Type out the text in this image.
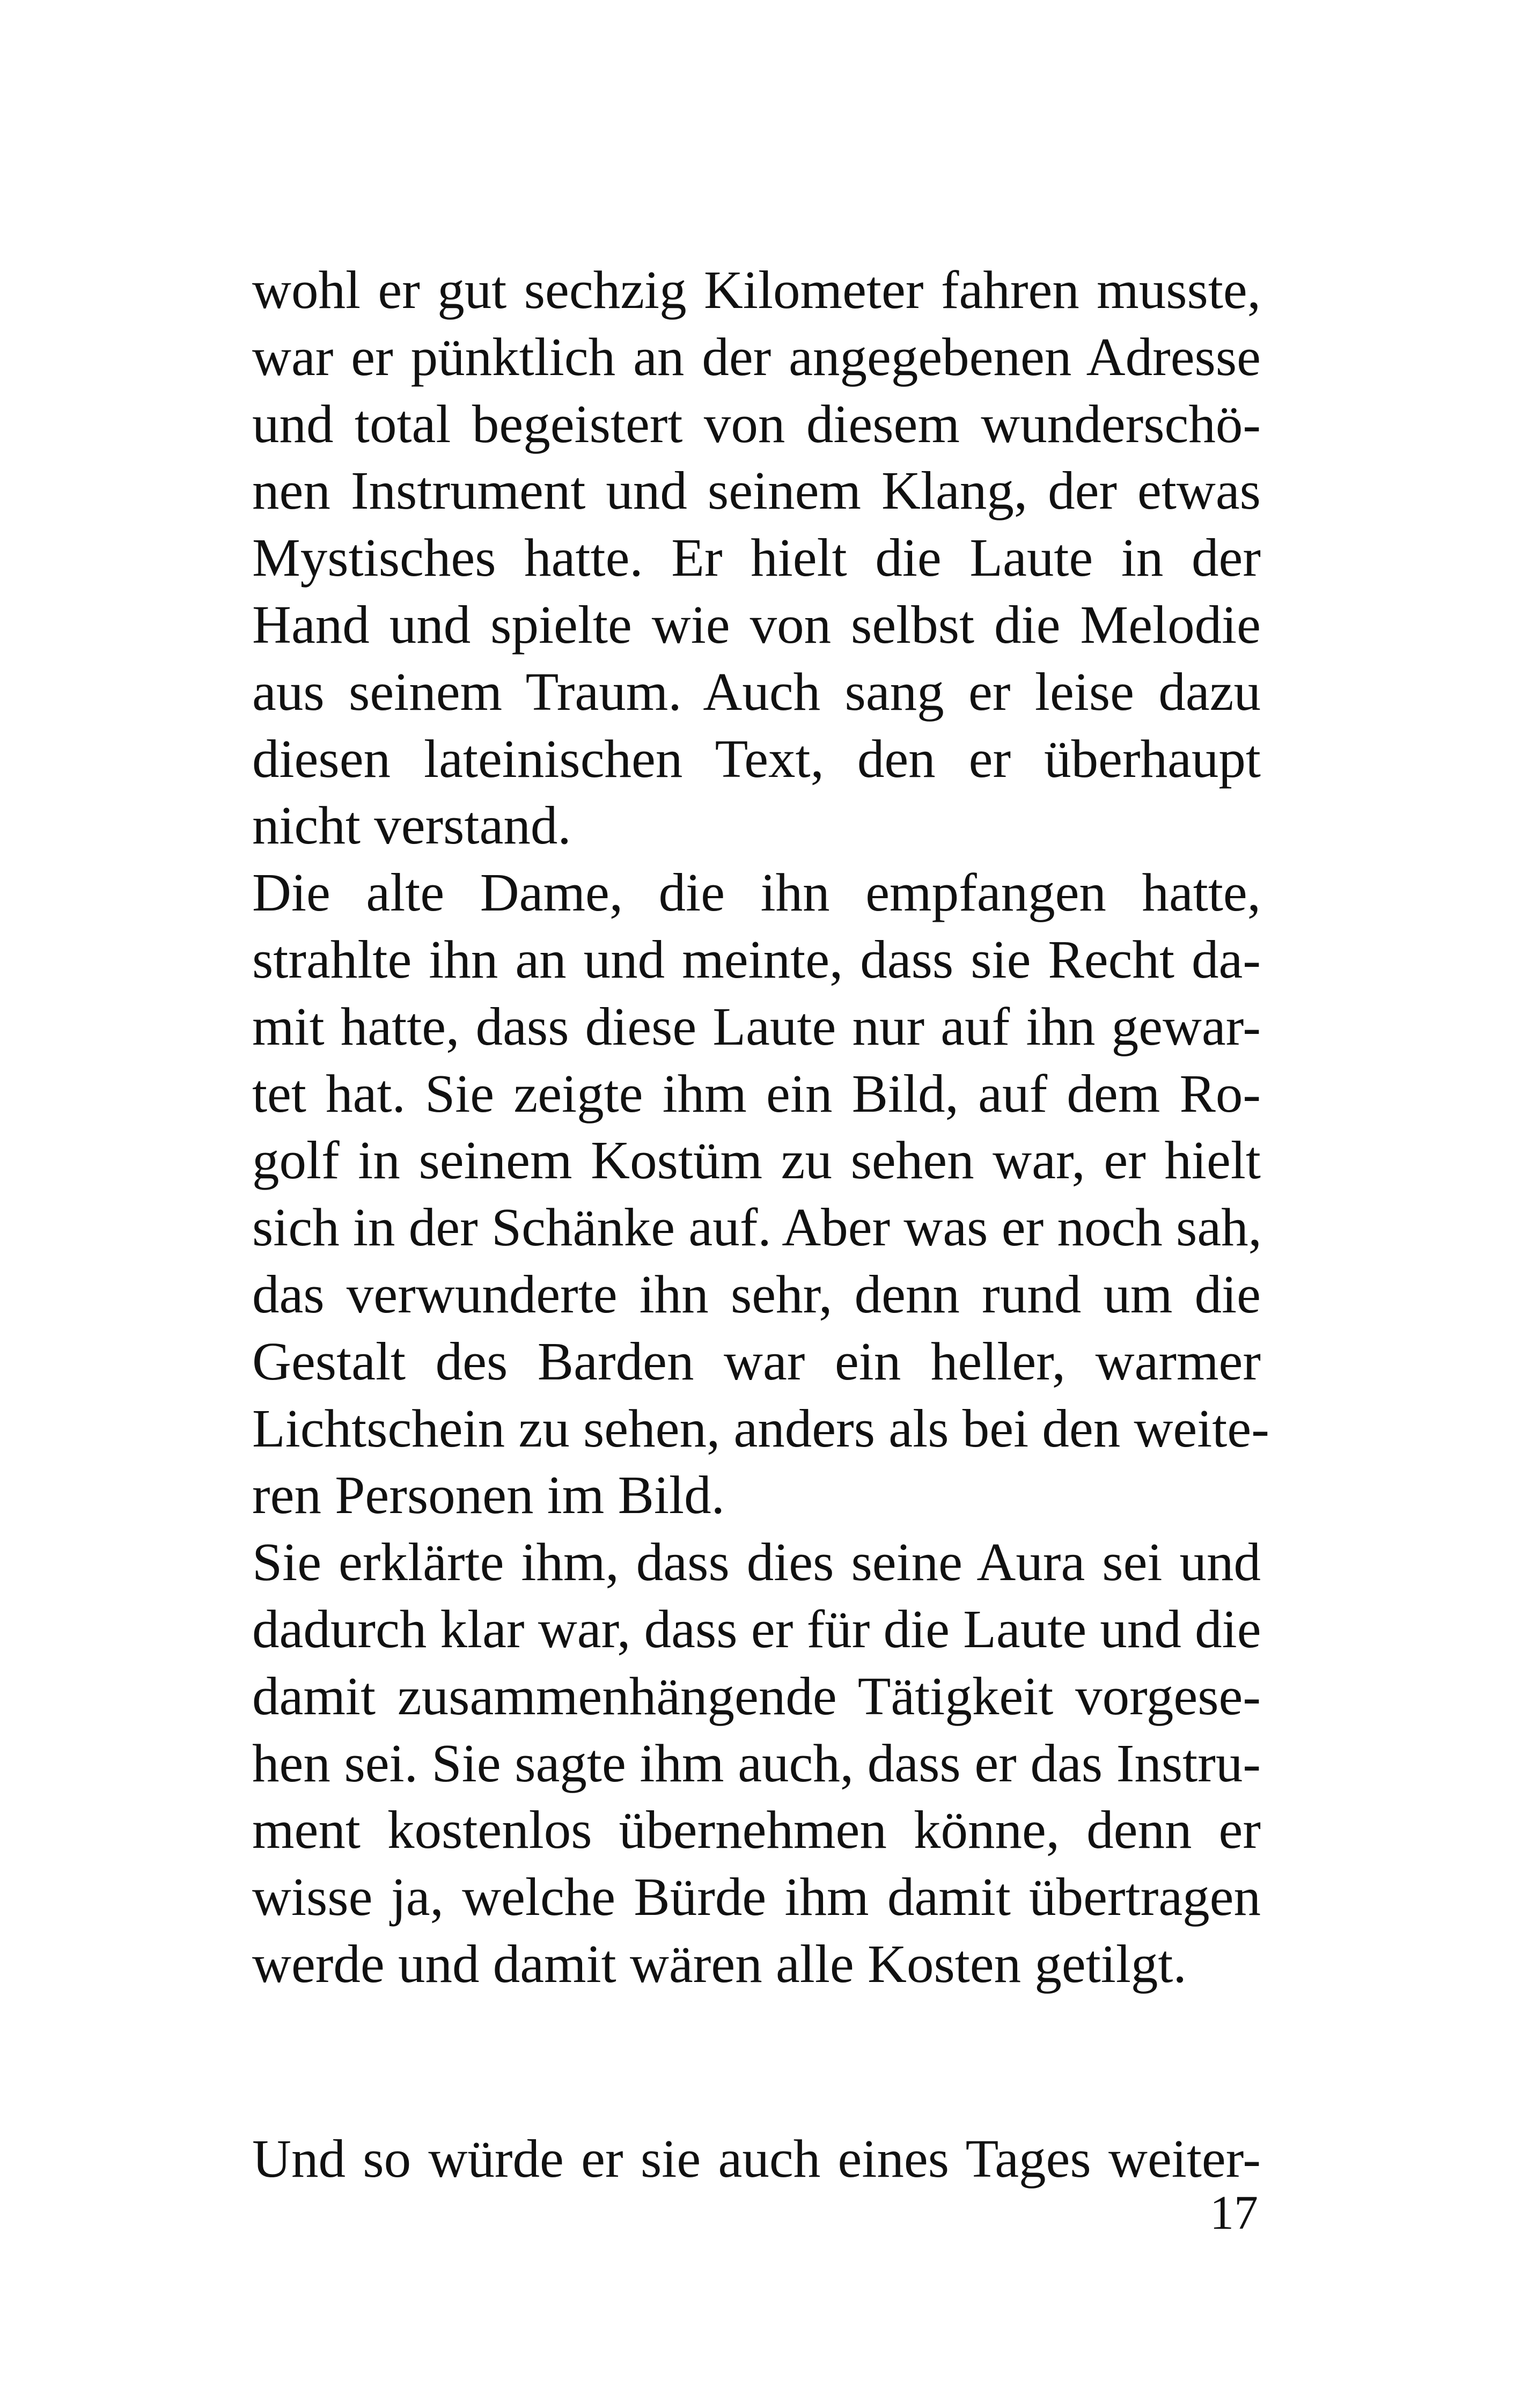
wohl er gut sechzig Kilometer fahren musste,
war er pünktlich an der angegebenen Adresse
und total begeistert von diesem wunderschö-
nen Instrument und seinem Klang, der etwas
Mystisches hatte. Er hielt die Laute in der
Hand und spielte wie von selbst die Melodie
aus seinem Traum. Auch sang er leise dazu
diesen lateinischen Text, den er überhaupt
nicht verstand.
Die alte Dame, die ihn empfangen hatte,
strahlte ihn an und meinte, dass sie Recht da-
mit hatte, dass diese Laute nur auf ihn gewar-
tet hat. Sie zeigte ihm ein Bild, auf dem Ro-
golf in seinem Kostüm zu sehen war, er hielt
sich in der Schänke auf. Aber was er noch sah,
das verwunderte ihn sehr, denn rund um die
Gestalt des Barden war ein heller, warmer
Lichtschein zu sehen, anders als bei den weite-
ren Personen im Bild.
Sie erklärte ihm, dass dies seine Aura sei und
dadurch klar war, dass er für die Laute und die
damit zusammenhängende Tätigkeit vorgese-
hen sei. Sie sagte ihm auch, dass er das Instru-
ment kostenlos übernehmen könne, denn er
wisse ja, welche Bürde ihm damit übertragen
werde und damit wären alle Kosten getilgt.
Und so würde er sie auch eines Tages weiter-
17
